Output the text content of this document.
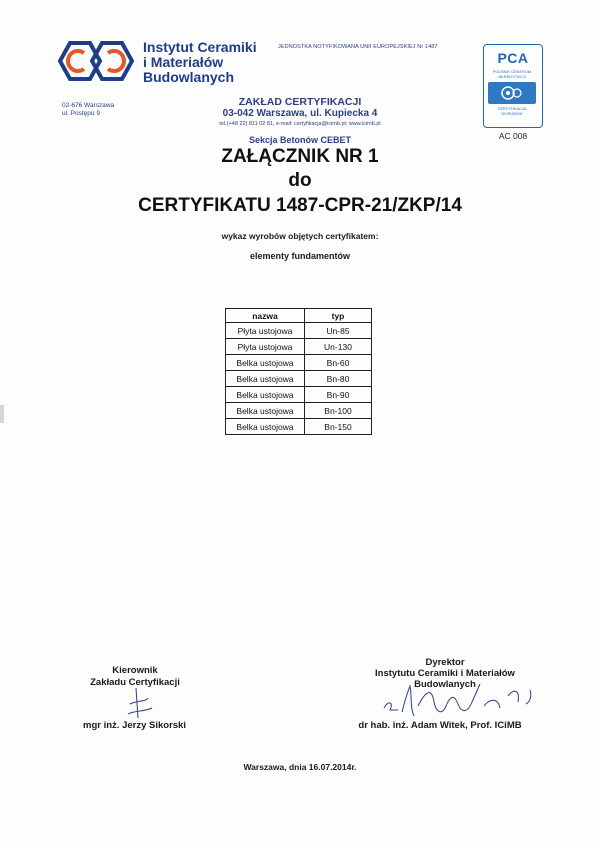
Instytut Ceramiki
i Materiałów
Budowlanych
JEDNOSTKA NOTYFIKOWANA UNII EUROPEJSKIEJ Nr 1487
02-676 Warszawa
ul. Postępu 9
PCA
POLSKIE CENTRUM
AKREDYTACJI
CERTYFIKACJA
WYROBÓW
AC 008
ZAKŁAD CERTYFIKACJI
03-042 Warszawa, ul. Kupiecka 4
tel.(+48 22) 811 02 81, e-mail: certyfikacja@icimb.pl; www.icimb.pl
Sekcja Betonów CEBET
ZAŁĄCZNIK NR 1
do
CERTYFIKATU 1487-CPR-21/ZKP/14
wykaz wyrobów objętych certyfikatem:
elementy fundamentów
nazwa	typ
Płyta ustojowa	Un-85
Płyta ustojowa	Un-130
Belka ustojowa	Bn-60
Belka ustojowa	Bn-80
Belka ustojowa	Bn-90
Belka ustojowa	Bn-100
Belka ustojowa	Bn-150
Kierownik
Zakładu Certyfikacji
mgr inż. Jerzy Sikorski
Dyrektor
Instytutu Ceramiki i Materiałów
Budowlanych
dr hab. inż. Adam Witek, Prof. ICiMB
Warszawa, dnia 16.07.2014r.
